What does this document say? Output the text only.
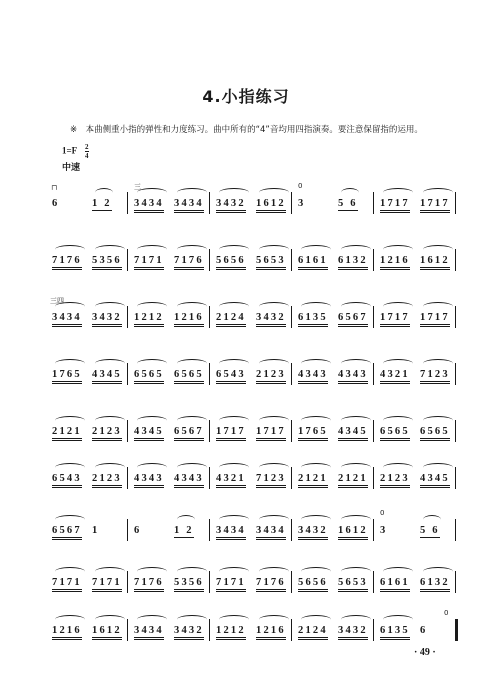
4.小指练习
※　本曲侧重小指的弹性和力度练习。曲中所有的“4”音均用四指演奏。要注意保留指的运用。
$1=F \frac{2}{4}$
中速
6	1 2 3434 3434 3432 1612 3	5 6 1717 1717
┌┐	三	0
7176 5356 7171 7176 5656 5653 6161 6132 1216 1612
3434 3432 1212 1216 2124 3432 6135 6567 1717 1717
三四
1765 4345 6565 6565 6543 2123 4343 4343 4321 7123
2121 2123 4345 6567 1717 1717 1765 4345 6565 6565
6543 2123 4343 4343 4321 7123 2121 2121 2123 4345
6567 1	6	1 2 3434 3434 3432 1612 3	5 6
0
7171 7171 7176 5356 7171 7176 5656 5653 6161 6132
1216 1612 3434 3432 1212 1216 2124 3432 6135 6
0
· 49 ·
